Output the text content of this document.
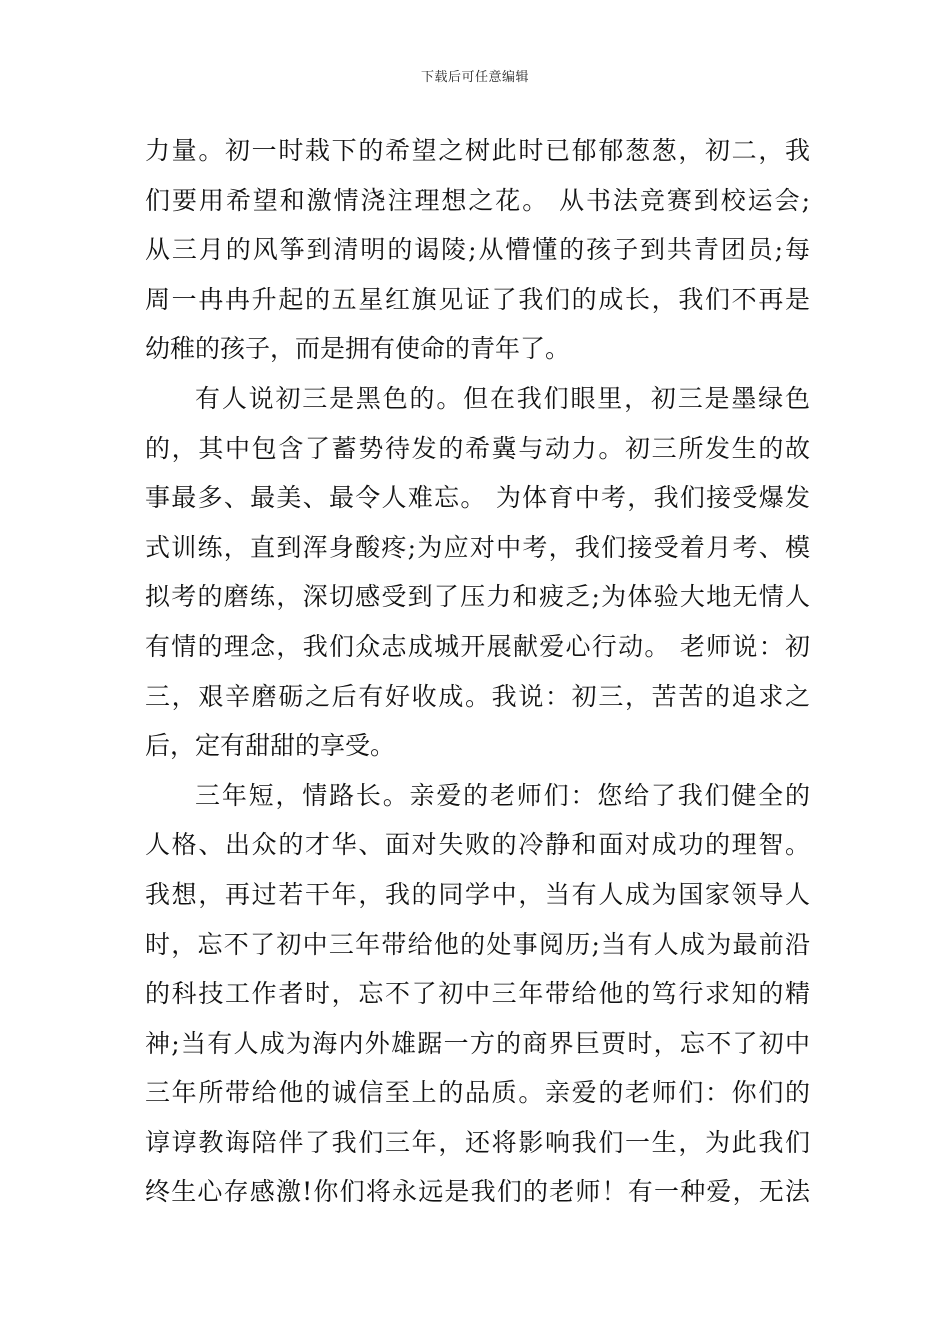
下载后可任意编辑
力量。初一时栽下的希望之树此时已郁郁葱葱，初二，我
们要用希望和激情浇注理想之花。 从书法竞赛到校运会;
从三月的风筝到清明的谒陵;从懵懂的孩子到共青团员;每
周一冉冉升起的五星红旗见证了我们的成长，我们不再是
幼稚的孩子，而是拥有使命的青年了。
有人说初三是黑色的。但在我们眼里，初三是墨绿色
的，其中包含了蓄势待发的希冀与动力。初三所发生的故
事最多、最美、最令人难忘。 为体育中考，我们接受爆发
式训练，直到浑身酸疼;为应对中考，我们接受着月考、模
拟考的磨练，深切感受到了压力和疲乏;为体验大地无情人
有情的理念，我们众志成城开展献爱心行动。 老师说：初
三，艰辛磨砺之后有好收成。我说：初三，苦苦的追求之
后，定有甜甜的享受。
三年短，情路长。亲爱的老师们：您给了我们健全的
人格、出众的才华、面对失败的冷静和面对成功的理智。
我想，再过若干年，我的同学中，当有人成为国家领导人
时，忘不了初中三年带给他的处事阅历;当有人成为最前沿
的科技工作者时，忘不了初中三年带给他的笃行求知的精
神;当有人成为海内外雄踞一方的商界巨贾时，忘不了初中
三年所带给他的诚信至上的品质。亲爱的老师们：你们的
谆谆教诲陪伴了我们三年，还将影响我们一生，为此我们
终生心存感激!你们将永远是我们的老师！有一种爱，无法
